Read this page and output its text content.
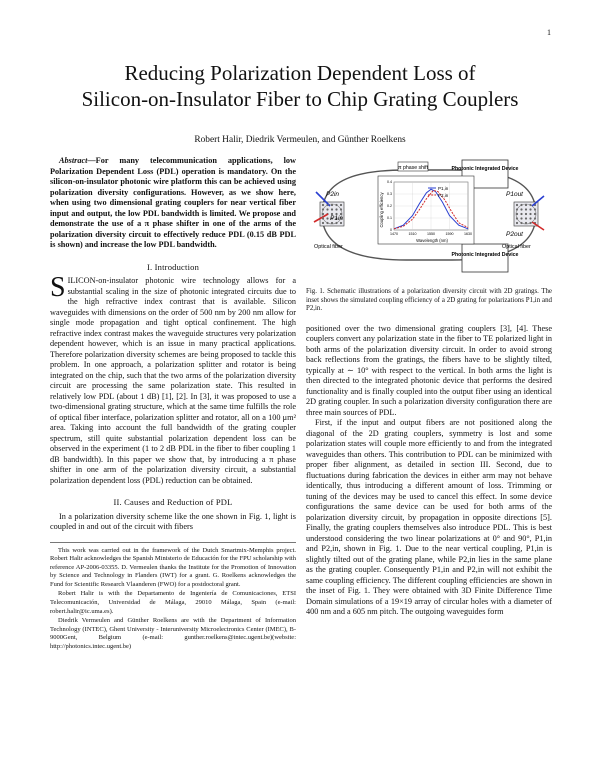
1
Reducing Polarization Dependent Loss of
Silicon-on-Insulator Fiber to Chip Grating Couplers
Robert Halir, Diedrik Vermeulen, and Günther Roelkens

Abstract—For many telecommunication applications, low Polarization Dependent Loss (PDL) operation is mandatory. On the silicon-on-insulator photonic wire platform this can be achieved using polarization diversity configurations. However, as we show here, when using two dimensional grating couplers for near vertical fiber input and output, the low PDL bandwidth is limited. We propose and demonstrate the use of a π phase shifter in one of the arms of the polarization diversity circuit to effectively reduce PDL (0.15 dB PDL is shown) and increase the low PDL bandwidth.

I. Introduction

SILICON-on-insulator photonic wire technology allows for a substantial scaling in the size of photonic integrated circuits due to the high refractive index contrast that is available. Silicon waveguides with dimensions on the order of 500 nm by 200 nm allow for single mode propagation and tight optical confinement. The high refractive index contrast makes the waveguide structures very polarization dependent however, which is an issue in many practical applications. Therefore polarization diversity schemes are being proposed to tackle this problem. In one approach, a polarization splitter and rotator is being integrated on the chip, such that the two arms of the polarization diversity circuit are processing the same polarization state. This resulted in relatively low PDL (about 1 dB) [1], [2]. In [3], it was proposed to use a two-dimensional grating structure, which at the same time fulfills the role of optical fiber interface, polarization splitter and rotator, all on a 100 μm² area. Taking into account the full bandwidth of the grating coupler spectrum, still quite substantial polarization dependent loss can be observed in the experiment (1 to 2 dB PDL in the fiber to fiber coupling 1 dB bandwidth). In this paper we show that, by introducing a π phase shifter in one arm of the polarization diversity circuit, a substantial polarization dependent loss (PDL) reduction can be obtained.

II. Causes and Reduction of PDL

In a polarization diversity scheme like the one shown in Fig. 1, light is coupled in and out of the circuit with fibers

This work was carried out in the framework of the Dutch Smartmix-Memphis project. Robert Halir acknowledges the Spanish Ministerio de Educación for the FPU scholarship with reference AP-2006-03355. D. Vermeulen thanks the Institute for the Promotion of Innovation by Science and Technology in Flanders (IWT) for a grant. G. Roelkens acknowledges the Fund for Scientific Research Vlaanderen (FWO) for a postdoctoral grant.

Robert Halir is with the Departamento de Ingeniería de Comunicaciones, ETSI Telecomunicación, Universidad de Málaga, 29010 Málaga, Spain (e-mail: robert.halir@ic.uma.es).

Diedrik Vermeulen and Günther Roelkens are with the Department of Information Technology (INTEC), Ghent University - Interuniversity Microelectronics Center (IMEC), B-9000Gent, Belgium (e-mail: gunther.roelkens@intec.ugent.be)(website: http://photonics.intec.ugent.be)

Photonic Integrated Device
Photonic Integrated Device
π phase shift
P2in
P1in
P1out
P2out
Optical fiber	Optical fiber
1470	1510	1550	1590	1630
0
0.1
0.2
0.3
0.4
P1,in
P2,in
Coupling efficiency
Wavelength (nm)

Fig. 1. Schematic illustrations of a polarization diversity circuit with 2D gratings. The inset shows the simulated coupling efficiency of a 2D grating for polarizations P1,in and P2,in.

positioned over the two dimensional grating couplers [3], [4]. These couplers convert any polarization state in the fiber to TE polarized light in both arms of the polarization diversity circuit. In order to avoid strong back reflections from the gratings, the fibers have to be slightly tilted, typically at ∼ 10° with respect to the vertical. In both arms the light is then directed to the integrated photonic device that performs the desired functionality and is finally coupled into the output fiber using an identical 2D grating coupler. In such a polarization diversity configuration there are three main sources of PDL.

First, if the input and output fibers are not positioned along the diagonal of the 2D grating couplers, symmetry is lost and some polarization states will couple more efficiently to and from the integrated waveguides than others. This contribution to PDL can be minimized with proper fiber alignment, as detailed in section III. Second, due to fluctuations during fabrication the devices in either arm may not behave identically, thus introducing a different amount of loss. Trimming or tuning of the devices may be used to cancel this effect. In some device configurations the same device can be used for both arms of the polarization diversity circuit, by propagation in opposite directions [5]. Finally, the grating couplers themselves also introduce PDL. This is best understood considering the two linear polarizations at 0° and 90°, P1,in and P2,in, shown in Fig. 1. Due to the near vertical coupling, P1,in is slightly tilted out of the grating plane, while P2,in lies in the same plane as the grating coupler. Consequently P1,in and P2,in will not exhibit the same coupling efficiency. The different coupling efficiencies are shown in the inset of Fig. 1. They were obtained with 3D Finite Difference Time Domain simulations of a 19×19 array of circular holes with a diameter of 400 nm and a 605 nm pitch. The outgoing waveguides form
